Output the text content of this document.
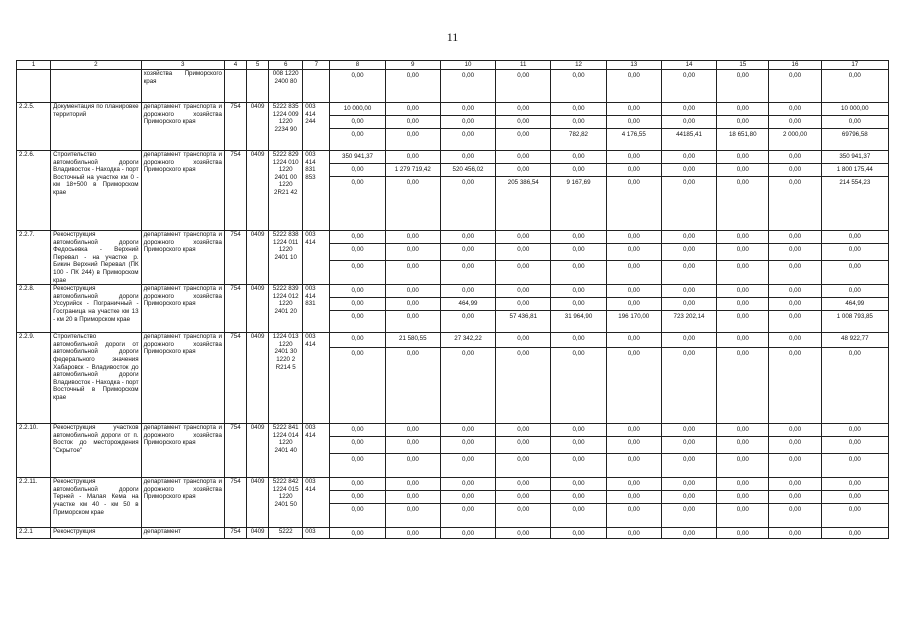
11
1	2	3	4	5	6	7	8	9	10	11	12	13	14	15	16	17
		хозяйства Приморского края			008 1220 2400 80		0,00	0,00	0,00	0,00	0,00	0,00	0,00	0,00	0,00	0,00
2.2.5.	Документация по планировке территорий	департамент транспорта и дорожного хозяйства Приморского края	754	0409	5222 835 1224 009 1220 2234 90	003 414 244	10 000,00	0,00	0,00	0,00	0,00	0,00	0,00	0,00	0,00	10 000,00
							0,00	0,00	0,00	0,00	0,00	0,00	0,00	0,00	0,00	0,00
							0,00	0,00	0,00	0,00	782,82	4 176,55	44185,41	18 651,80	2 000,00	69796,58
2.2.6.	Строительство автомобильной дороги Владивосток - Находка - порт Восточный на участке км 0 - км 18+500 в Приморском крае	департамент транспорта и дорожного хозяйства Приморского края	754	0409	5222 829 1224 010 1220 2401 00 1220 2R21 42	003 414 831 853	350 941,37	0,00	0,00	0,00	0,00	0,00	0,00	0,00	0,00	350 941,37
							0,00	1 279 719,42	520 456,02	0,00	0,00	0,00	0,00	0,00	0,00	1 800 175,44
							0,00	0,00	0,00	205 386,54	9 167,69	0,00	0,00	0,00	0,00	214 554,23
2.2.7.	Реконструкция автомобильной дороги Федосьевка - Верхний Перевал - на участке р. Бикин Верхний Перевал (ПК 100 - ПК 244) в Приморском крае	департамент транспорта и дорожного хозяйства Приморского края	754	0409	5222 838 1224 011 1220 2401 10	003 414	0,00	0,00	0,00	0,00	0,00	0,00	0,00	0,00	0,00	0,00
							0,00	0,00	0,00	0,00	0,00	0,00	0,00	0,00	0,00	0,00
							0,00	0,00	0,00	0,00	0,00	0,00	0,00	0,00	0,00	0,00
2.2.8.	Реконструкция автомобильной дороги Уссурийск - Пограничный - Госграница на участке км 13 - км 20 в Приморском крае	департамент транспорта и дорожного хозяйства Приморского края	754	0409	5222 839 1224 012 1220 2401 20	003 414 831	0,00	0,00	0,00	0,00	0,00	0,00	0,00	0,00	0,00	0,00
							0,00	0,00	464,99	0,00	0,00	0,00	0,00	0,00	0,00	464,99
							0,00	0,00	0,00	57 436,81	31 964,90	196 170,00	723 202,14	0,00	0,00	1 008 793,85
2.2.9.	Строительство автомобильной дороги от автомобильной дороги федерального значения Хабаровск - Владивосток до автомобильной дороги Владивосток - Находка - порт Восточный в Приморском крае	департамент транспорта и дорожного хозяйства Приморского края	754	0409	1224 013 1220 2401 30 1220 2 R214 5	003 414	0,00	21 580,55	27 342,22	0,00	0,00	0,00	0,00	0,00	0,00	48 922,77
							0,00	0,00	0,00	0,00	0,00	0,00	0,00	0,00	0,00	0,00
2.2.10.	Реконструкция участков автомобильной дороги от п. Восток до месторождения "Скрытое"	департамент транспорта и дорожного хозяйства Приморского края	754	0409	5222 841 1224 014 1220 2401 40	003 414	0,00	0,00	0,00	0,00	0,00	0,00	0,00	0,00	0,00	0,00
							0,00	0,00	0,00	0,00	0,00	0,00	0,00	0,00	0,00	0,00
							0,00	0,00	0,00	0,00	0,00	0,00	0,00	0,00	0,00	0,00
2.2.11.	Реконструкция автомобильной дороги Терней - Малая Кема на участке км 40 - км 50 в Приморском крае	департамент транспорта и дорожного хозяйства Приморского края	754	0409	5222 842 1224 015 1220 2401 50	003 414	0,00	0,00	0,00	0,00	0,00	0,00	0,00	0,00	0,00	0,00
							0,00	0,00	0,00	0,00	0,00	0,00	0,00	0,00	0,00	0,00
							0,00	0,00	0,00	0,00	0,00	0,00	0,00	0,00	0,00	0,00
2.2.1	Реконструкция	департамент	754	0409	5222	003	0,00	0,00	0,00	0,00	0,00	0,00	0,00	0,00	0,00	0,00
